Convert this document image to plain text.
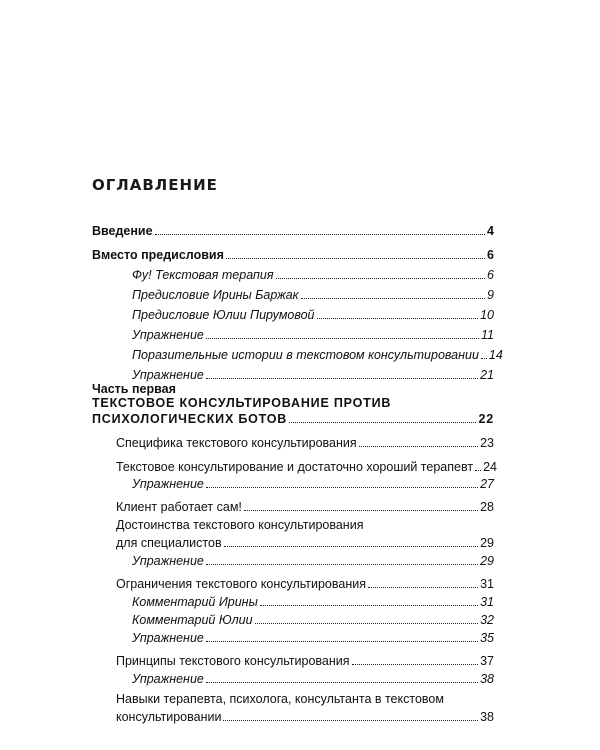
ОГЛАВЛЕНИЕ
Введение	4
Вместо предисловия	6
Фу! Текстовая терапия	6
Предисловие Ирины Баржак	9
Предисловие Юлии Пирумовой	10
Упражнение	11
Поразительные истории в текстовом консультировании 14
Упражнение	21
Часть первая
ТЕКСТОВОЕ КОНСУЛЬТИРОВАНИЕ ПРОТИВ
ПСИХОЛОГИЧЕСКИХ БОТОВ	22
Специфика текстового консультирования	23
Текстовое консультирование и достаточно хороший терапевт 24
Упражнение	27
Клиент работает сам!	28
Достоинства текстового консультирования
для специалистов	29
Упражнение	29
Ограничения текстового консультирования	31
Комментарий Ирины	31
Комментарий Юлии	32
Упражнение	35
Принципы текстового консультирования	37
Упражнение	38
Навыки терапевта, психолога, консультанта в текстовом
консультировании	38
